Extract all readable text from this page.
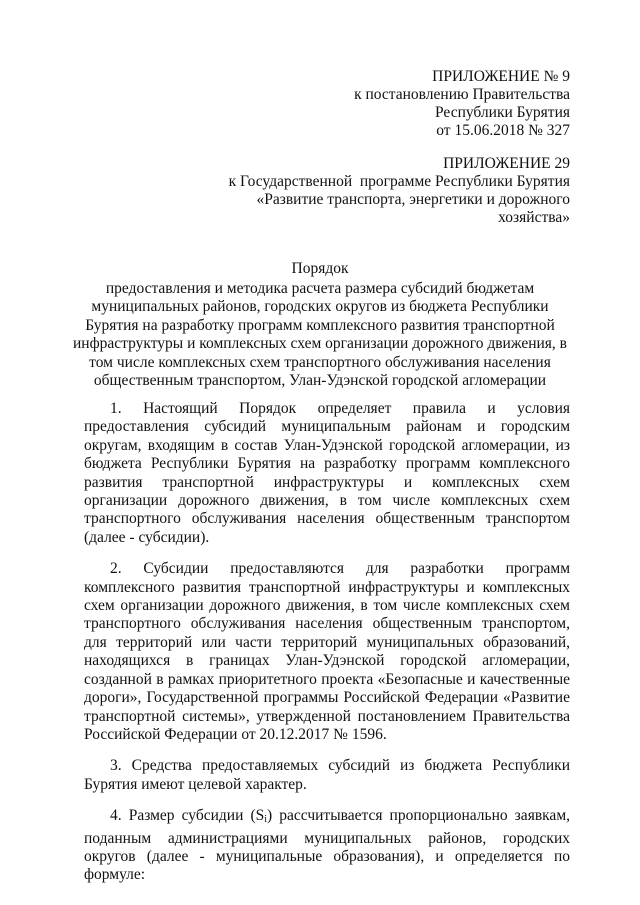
ПРИЛОЖЕНИЕ № 9
к постановлению Правительства
Республики Бурятия
от 15.06.2018 № 327
ПРИЛОЖЕНИЕ 29
к Государственной  программе Республики Бурятия
«Развитие транспорта, энергетики и дорожного
хозяйства»
Порядок
предоставления и методика расчета размера субсидий бюджетам
муниципальных районов, городских округов из бюджета Республики
Бурятия на разработку программ комплексного развития транспортной
инфраструктуры и комплексных схем организации дорожного движения, в
том числе комплексных схем транспортного обслуживания населения
общественным транспортом, Улан-Удэнской городской агломерации

1. Настоящий Порядок определяет правила и условия предоставления субсидий муниципальным районам и городским округам, входящим в состав Улан-Удэнской городской агломерации, из бюджета Республики Бурятия на разработку программ комплексного развития транспортной инфраструктуры и комплексных схем организации дорожного движения, в том числе комплексных схем транспортного обслуживания населения общественным транспортом (далее - субсидии).

2. Субсидии предоставляются для разработки программ комплексного развития транспортной инфраструктуры и комплексных схем организации дорожного движения, в том числе комплексных схем транспортного обслуживания населения общественным транспортом, для территорий или части территорий муниципальных образований, находящихся в границах Улан-Удэнской городской агломерации, созданной в рамках приоритетного проекта «Безопасные и качественные дороги», Государственной программы Российской Федерации «Развитие транспортной системы», утвержденной постановлением Правительства Российской Федерации от 20.12.2017 № 1596.

3. Средства предоставляемых субсидий из бюджета Республики Бурятия имеют целевой характер.

4. Размер субсидии $(S_i)$ рассчитывается пропорционально заявкам, поданным администрациями муниципальных районов, городских округов (далее - муниципальные образования), и определяется по формуле:
